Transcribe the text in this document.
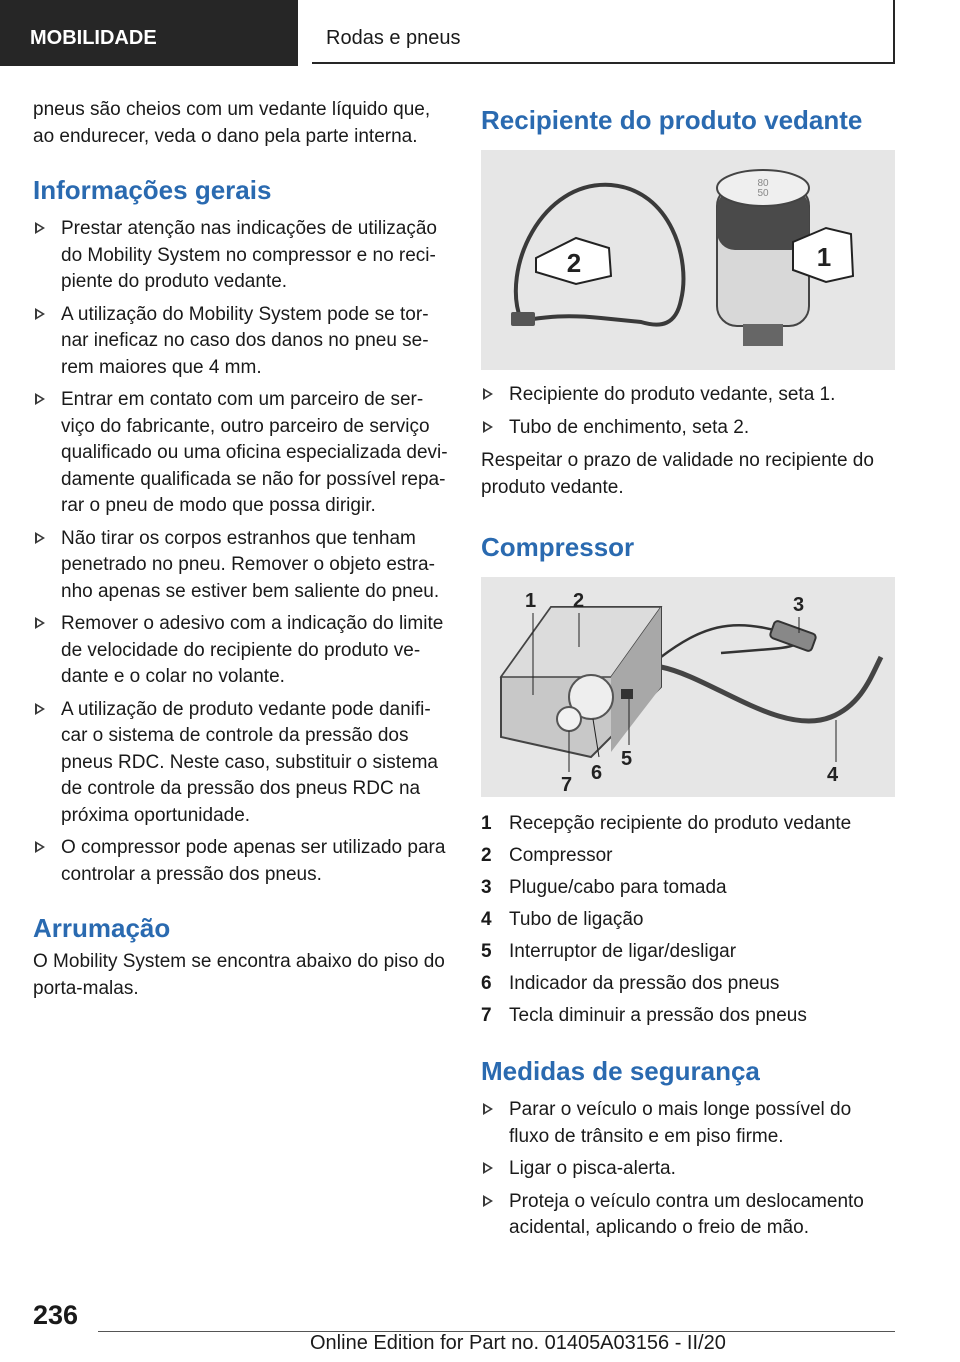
MOBILIDADE	Rodas e pneus

pneus são cheios com um vedante líquido que, ao endurecer, veda o dano pela parte interna.

Informações gerais
Prestar atenção nas indicações de utilização do Mobility System no compressor e no recipiente do produto vedante.
A utilização do Mobility System pode se tornar ineficaz no caso dos danos no pneu serem maiores que 4 mm.
Entrar em contato com um parceiro de serviço do fabricante, outro parceiro de serviço qualificado ou uma oficina especializada devidamente qualificada se não for possível reparar o pneu de modo que possa dirigir.
Não tirar os corpos estranhos que tenham penetrado no pneu. Remover o objeto estranho apenas se estiver bem saliente do pneu.
Remover o adesivo com a indicação do limite de velocidade do recipiente do produto vedante e o colar no volante.
A utilização de produto vedante pode danificar o sistema de controle da pressão dos pneus RDC. Neste caso, substituir o sistema de controle da pressão dos pneus RDC na próxima oportunidade.
O compressor pode apenas ser utilizado para controlar a pressão dos pneus.
Arrumação

O Mobility System se encontra abaixo do piso do porta-malas.

Recipiente do produto vedante
80
50
1
2
Recipiente do produto vedante, seta 1.
Tubo de enchimento, seta 2.

Respeitar o prazo de validade no recipiente do produto vedante.

Compressor
1 2	3
4
5
6
7
1 Recepção recipiente do produto vedante
2 Compressor
3 Plugue/cabo para tomada
4 Tubo de ligação
5 Interruptor de ligar/desligar
6 Indicador da pressão dos pneus
7 Tecla diminuir a pressão dos pneus
Medidas de segurança
Parar o veículo o mais longe possível do fluxo de trânsito e em piso firme.
Ligar o pisca-alerta.
Proteja o veículo contra um deslocamento acidental, aplicando o freio de mão.
236
Online Edition for Part no. 01405A03156 - II/20
